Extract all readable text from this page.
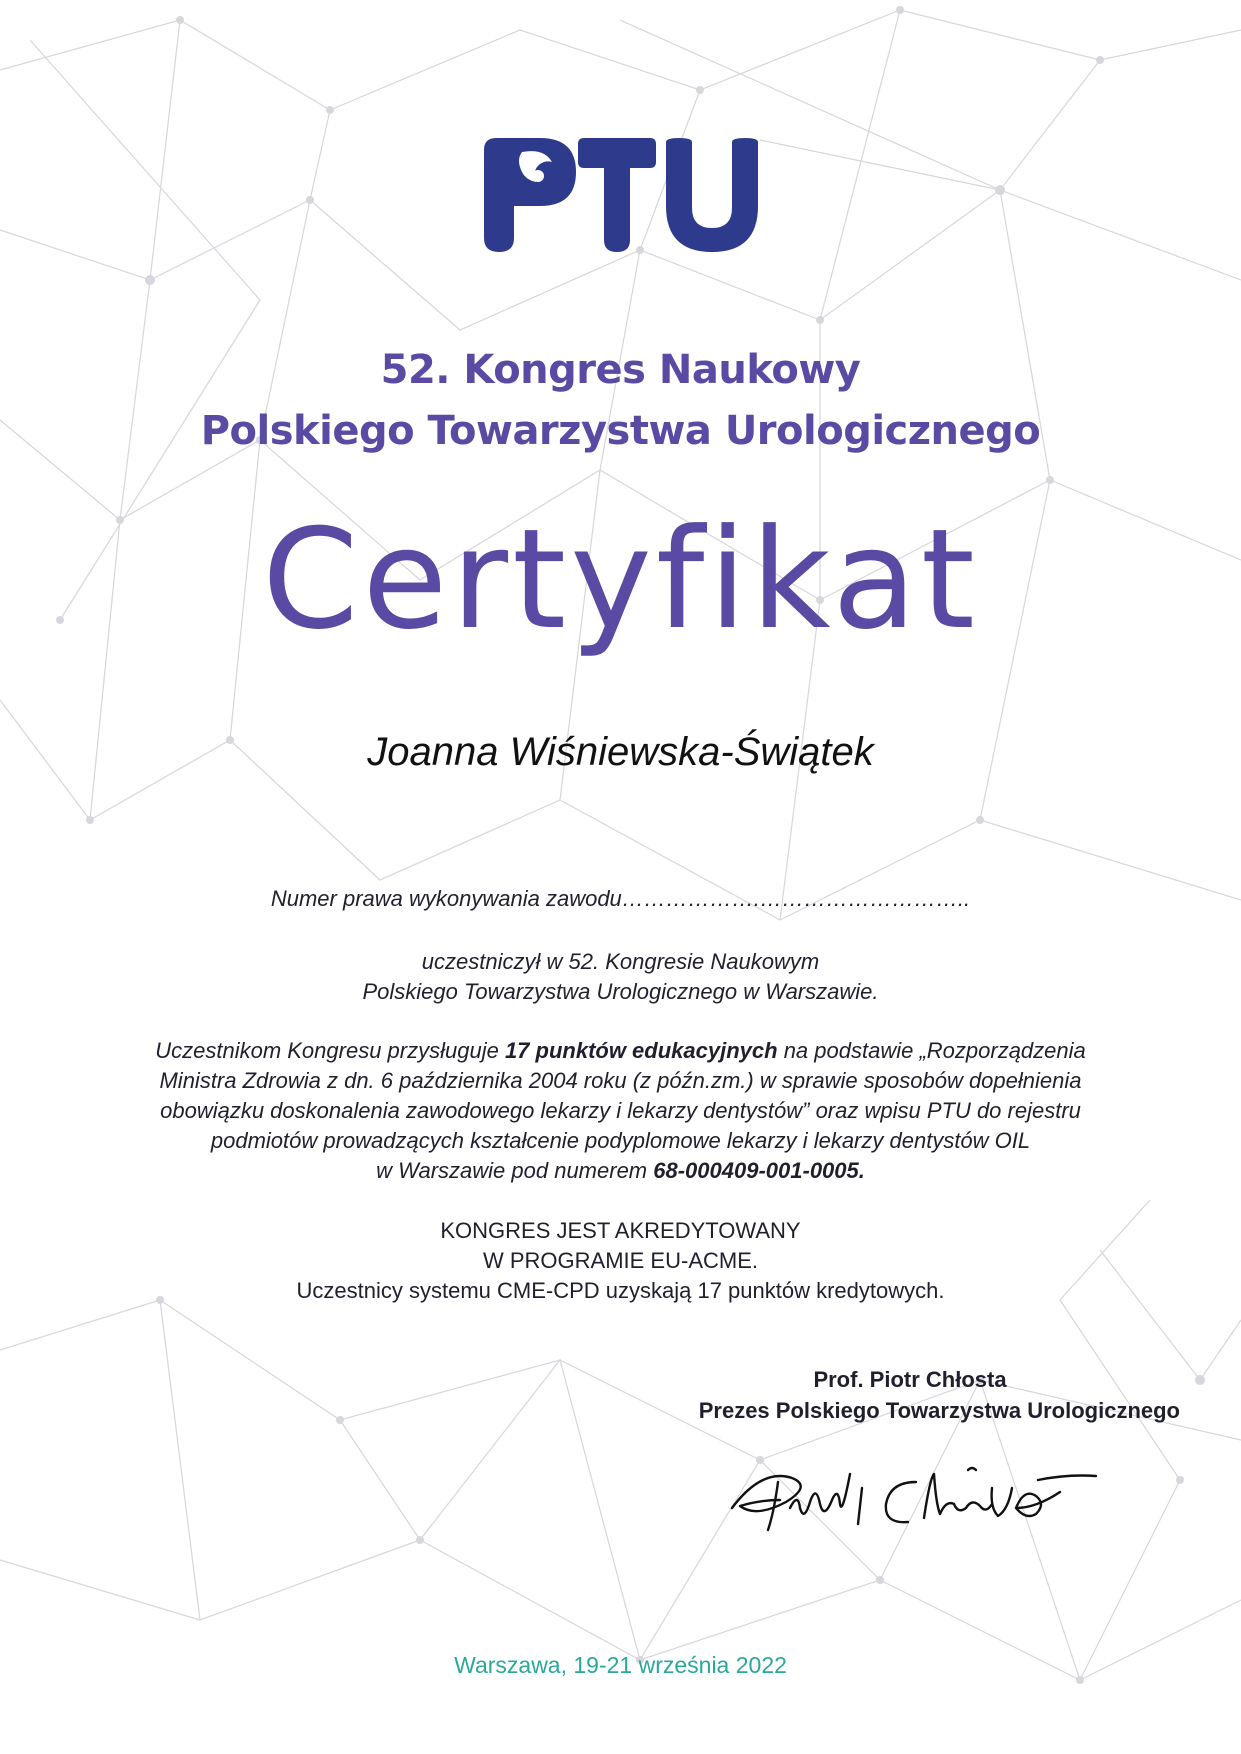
52. Kongres Naukowy
Polskiego Towarzystwa Urologicznego
Certyfikat
Joanna Wiśniewska-Świątek
Numer prawa wykonywania zawodu……………….………………………..
uczestniczył w 52. Kongresie Naukowym
Polskiego Towarzystwa Urologicznego w Warszawie.
Uczestnikom Kongresu przysługuje 17 punktów edukacyjnych na podstawie „Rozporządzenia
Ministra Zdrowia z dn. 6 października 2004 roku (z późn.zm.) w sprawie sposobów dopełnienia
obowiązku doskonalenia zawodowego lekarzy i lekarzy dentystów” oraz wpisu PTU do rejestru
podmiotów prowadzących kształcenie podyplomowe lekarzy i lekarzy dentystów OIL
w Warszawie pod numerem 68-000409-001-0005.
KONGRES JEST AKREDYTOWANY
W PROGRAMIE EU-ACME.
Uczestnicy systemu CME-CPD uzyskają 17 punktów kredytowych.
Prof. Piotr Chłosta
Prezes Polskiego Towarzystwa Urologicznego
Warszawa, 19-21 września 2022
